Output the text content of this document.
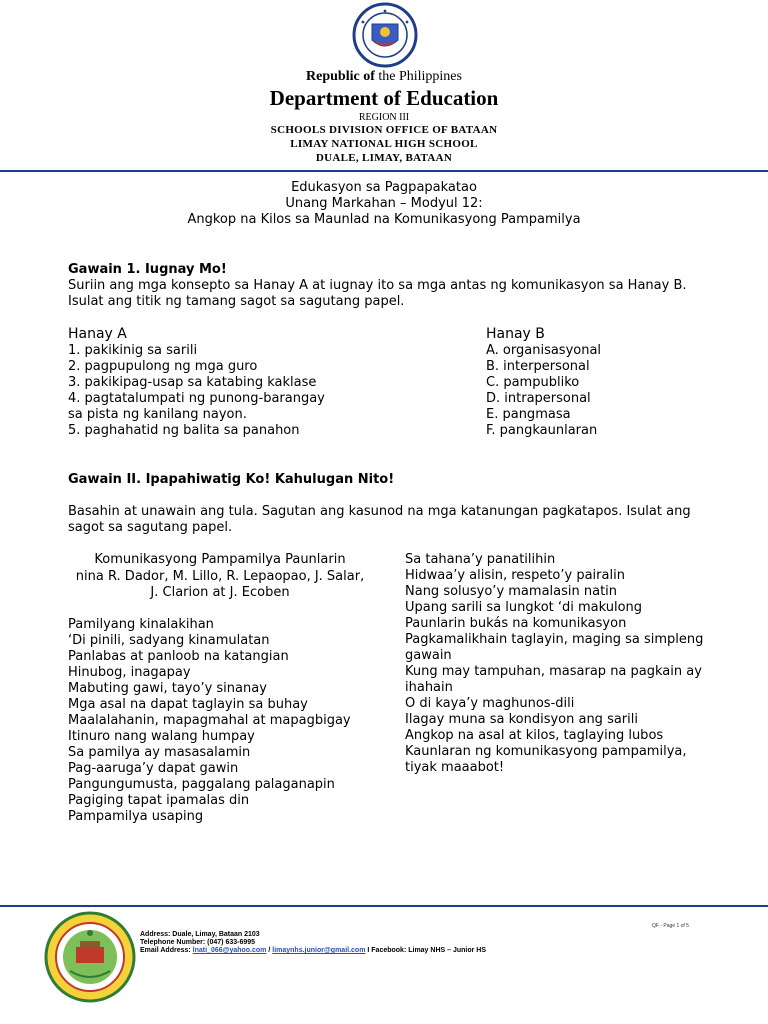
Republic of the Philippines
Department of Education
REGION III
SCHOOLS DIVISION OFFICE OF BATAAN
LIMAY NATIONAL HIGH SCHOOL
DUALE, LIMAY, BATAAN
Edukasyon sa Pagpapakatao
Unang Markahan – Modyul 12:
Angkop na Kilos sa Maunlad na Komunikasyong Pampamilya
Gawain 1. Iugnay Mo!
Suriin ang mga konsepto sa Hanay A at iugnay ito sa mga antas ng komunikasyon sa Hanay B.
Isulat ang titik ng tamang sagot sa sagutang papel.
Hanay A	Hanay B
1. pakikinig sa sarili
2. pagpupulong ng mga guro
3. pakikipag-usap sa katabing kaklase
4. pagtatalumpati ng punong-barangay
sa pista ng kanilang nayon.
5. paghahatid ng balita sa panahon
A. organisasyonal
B. interpersonal
C. pampubliko
D. intrapersonal
E. pangmasa
F. pangkaunlaran
Gawain II. Ipapahiwatig Ko! Kahulugan Nito!
Basahin at unawain ang tula. Sagutan ang kasunod na mga katanungan pagkatapos. Isulat ang
sagot sa sagutang papel.
Komunikasyong Pampamilya Paunlarin
nina R. Dador, M. Lillo, R. Lepaopao, J. Salar,
J. Clarion at J. Ecoben
Pamilyang kinalakihan
‘Di pinili, sadyang kinamulatan
Panlabas at panloob na katangian
Hinubog, inagapay
Mabuting gawi, tayo’y sinanay
Mga asal na dapat taglayin sa buhay
Maalalahanin, mapagmahal at mapagbigay
Itinuro nang walang humpay
Sa pamilya ay masasalamin
Pag-aaruga’y dapat gawin
Pangungumusta, paggalang palaganapin
Pagiging tapat ipamalas din
Pampamilya usaping
Sa tahana’y panatilihin
Hidwaa’y alisin, respeto’y pairalin
Nang solusyo’y mamalasin natin
Upang sarili sa lungkot ‘di makulong
Paunlarin bukás na komunikasyon
Pagkamalikhain taglayin, maging sa simpleng
gawain
Kung may tampuhan, masarap na pagkain ay
ihahain
O di kaya’y maghunos-dili
Ilagay muna sa kondisyon ang sarili
Angkop na asal at kilos, taglaying lubos
Kaunlaran ng komunikasyong pampamilya,
tiyak maaabot!
Address: Duale, Limay, Bataan 2103
Telephone Number: (047) 633-6995
Email Address: lnati_066@yahoo.com / limaynhs.junior@gmail.com I Facebook: Limay NHS – Junior HS
QF - Page 1 of 5
